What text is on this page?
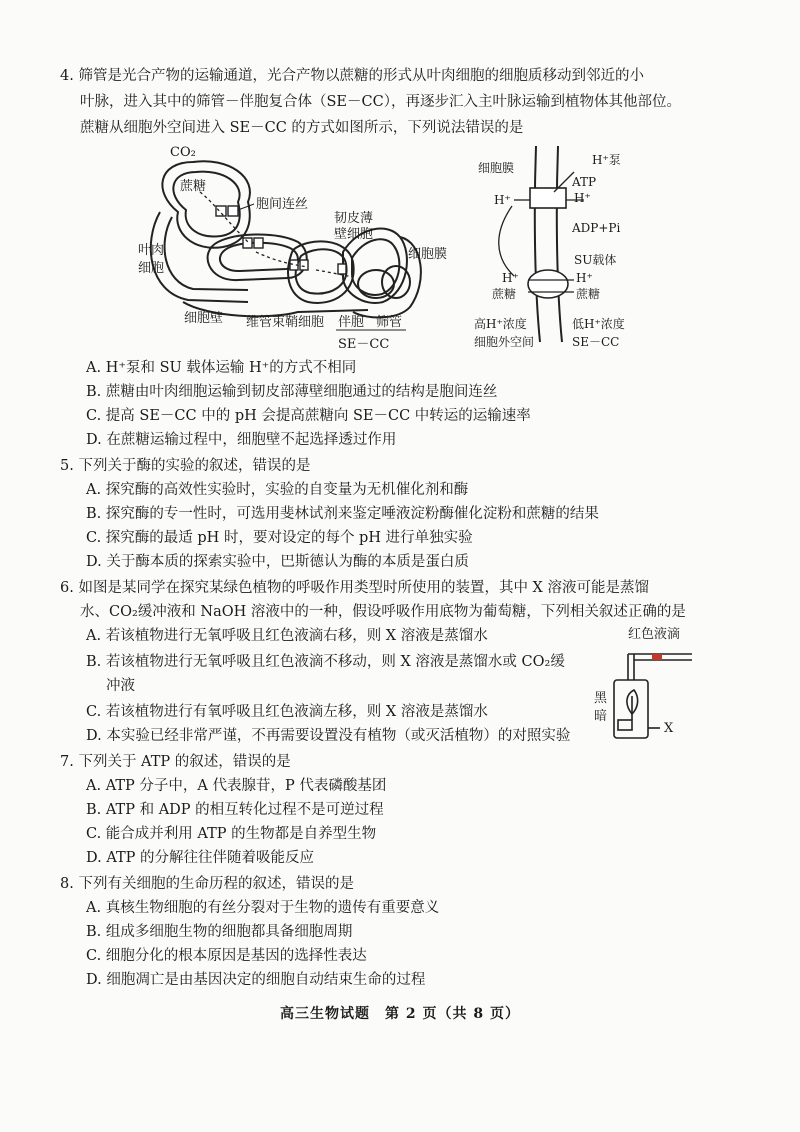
4. 筛管是光合产物的运输通道，光合产物以蔗糖的形式从叶肉细胞的细胞质移动到邻近的小
叶脉，进入其中的筛管－伴胞复合体（SE－CC），再逐步汇入主叶脉运输到植物体其他部位。
蔗糖从细胞外空间进入 SE－CC 的方式如图所示，下列说法错误的是
CO₂
蔗糖
胞间连丝
韧皮薄
壁细胞
细胞膜
叶肉
细胞
细胞壁 维管束鞘细胞 伴胞 筛管
SE－CC
细胞膜
H⁺泵
ATP
H⁺	H⁺
ADP+Pi
SU载体
H⁺	H⁺
蔗糖	蔗糖
高H⁺浓度
细胞外空间
低H⁺浓度
SE－CC
A. H⁺泵和 SU 载体运输 H⁺的方式不相同
B. 蔗糖由叶肉细胞运输到韧皮部薄壁细胞通过的结构是胞间连丝
C. 提高 SE－CC 中的 pH 会提高蔗糖向 SE－CC 中转运的运输速率
D. 在蔗糖运输过程中，细胞壁不起选择透过作用
5. 下列关于酶的实验的叙述，错误的是
A. 探究酶的高效性实验时，实验的自变量为无机催化剂和酶
B. 探究酶的专一性时，可选用斐林试剂来鉴定唾液淀粉酶催化淀粉和蔗糖的结果
C. 探究酶的最适 pH 时，要对设定的每个 pH 进行单独实验
D. 关于酶本质的探索实验中，巴斯德认为酶的本质是蛋白质
6. 如图是某同学在探究某绿色植物的呼吸作用类型时所使用的装置，其中 X 溶液可能是蒸馏
水、CO₂缓冲液和 NaOH 溶液中的一种，假设呼吸作用底物为葡萄糖，下列相关叙述正确的是
A. 若该植物进行无氧呼吸且红色液滴右移，则 X 溶液是蒸馏水
B. 若该植物进行无氧呼吸且红色液滴不移动，则 X 溶液是蒸馏水或 CO₂缓
冲液
C. 若该植物进行有氧呼吸且红色液滴左移，则 X 溶液是蒸馏水
D. 本实验已经非常严谨，不再需要设置没有植物（或灭活植物）的对照实验
红色液滴
黑
暗
X
7. 下列关于 ATP 的叙述，错误的是
A. ATP 分子中，A 代表腺苷，P 代表磷酸基团
B. ATP 和 ADP 的相互转化过程不是可逆过程
C. 能合成并利用 ATP 的生物都是自养型生物
D. ATP 的分解往往伴随着吸能反应
8. 下列有关细胞的生命历程的叙述，错误的是
A. 真核生物细胞的有丝分裂对于生物的遗传有重要意义
B. 组成多细胞生物的细胞都具备细胞周期
C. 细胞分化的根本原因是基因的选择性表达
D. 细胞凋亡是由基因决定的细胞自动结束生命的过程
高三生物试题　第 2 页（共 8 页）
